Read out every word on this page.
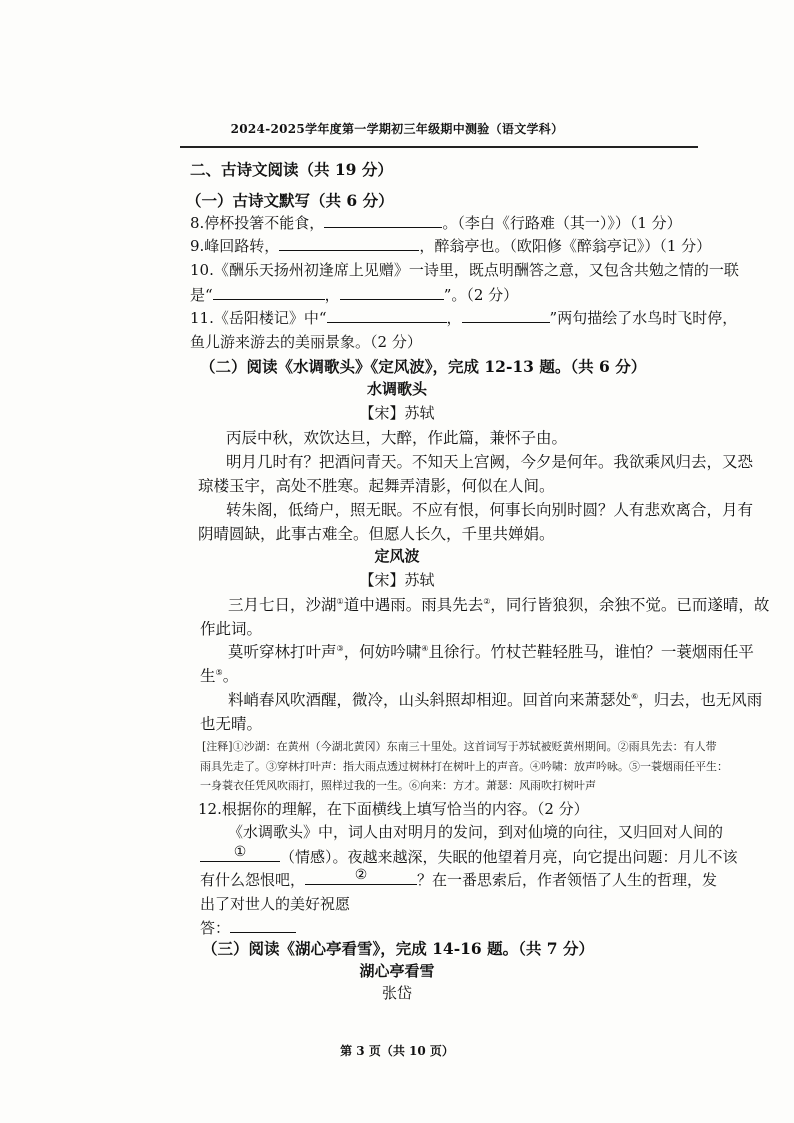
2024-2025学年度第一学期初三年级期中测验（语文学科）
二、古诗文阅读（共 19 分）
（一）古诗文默写（共 6 分）
8.停杯投箸不能食，	。（李白《行路难（其一）》）（1 分）
9.峰回路转，	，醉翁亭也。（欧阳修《醉翁亭记》）（1 分）
10.《酬乐天扬州初逢席上见赠》一诗里，既点明酬答之意，又包含共勉之情的一联
是“	，	”。（2 分）
11.《岳阳楼记》中“	，	”两句描绘了水鸟时飞时停，
鱼儿游来游去的美丽景象。（2 分）
（二）阅读《水调歌头》《定风波》，完成 12-13 题。（共 6 分）
水调歌头
【宋】苏轼
丙辰中秋，欢饮达旦，大醉，作此篇，兼怀子由。
明月几时有？把酒问青天。不知天上宫阙，今夕是何年。我欲乘风归去，又恐
琼楼玉宇，高处不胜寒。起舞弄清影，何似在人间。
转朱阁，低绮户，照无眠。不应有恨，何事长向别时圆？人有悲欢离合，月有
阴晴圆缺，此事古难全。但愿人长久，千里共婵娟。
定风波
【宋】苏轼
三月七日，沙湖①道中遇雨。雨具先去②，同行皆狼狈，余独不觉。已而遂晴，故
作此词。
莫听穿林打叶声③，何妨吟啸④且徐行。竹杖芒鞋轻胜马，谁怕？一蓑烟雨任平
生⑤。
料峭春风吹酒醒，微冷，山头斜照却相迎。回首向来萧瑟处⑥，归去，也无风雨
也无晴。
[注释]①沙湖：在黄州（今湖北黄冈）东南三十里处。这首词写于苏轼被贬黄州期间。②雨具先去：有人带
雨具先走了。③穿林打叶声：指大雨点透过树林打在树叶上的声音。④吟啸：放声吟咏。⑤一蓑烟雨任平生：
一身蓑衣任凭风吹雨打，照样过我的一生。⑥向来：方才。萧瑟：风雨吹打树叶声
12.根据你的理解，在下面横线上填写恰当的内容。（2 分）
《水调歌头》中，词人由对明月的发问，到对仙境的向往，又归回对人间的
①	（情感）。夜越来越深，失眠的他望着月亮，向它提出问题：月儿不该
有什么怨恨吧，	②	？在一番思索后，作者领悟了人生的哲理，发
出了对世人的美好祝愿
答：
（三）阅读《湖心亭看雪》，完成 14-16 题。（共 7 分）
湖心亭看雪
张岱
第 3 页（共 10 页）
